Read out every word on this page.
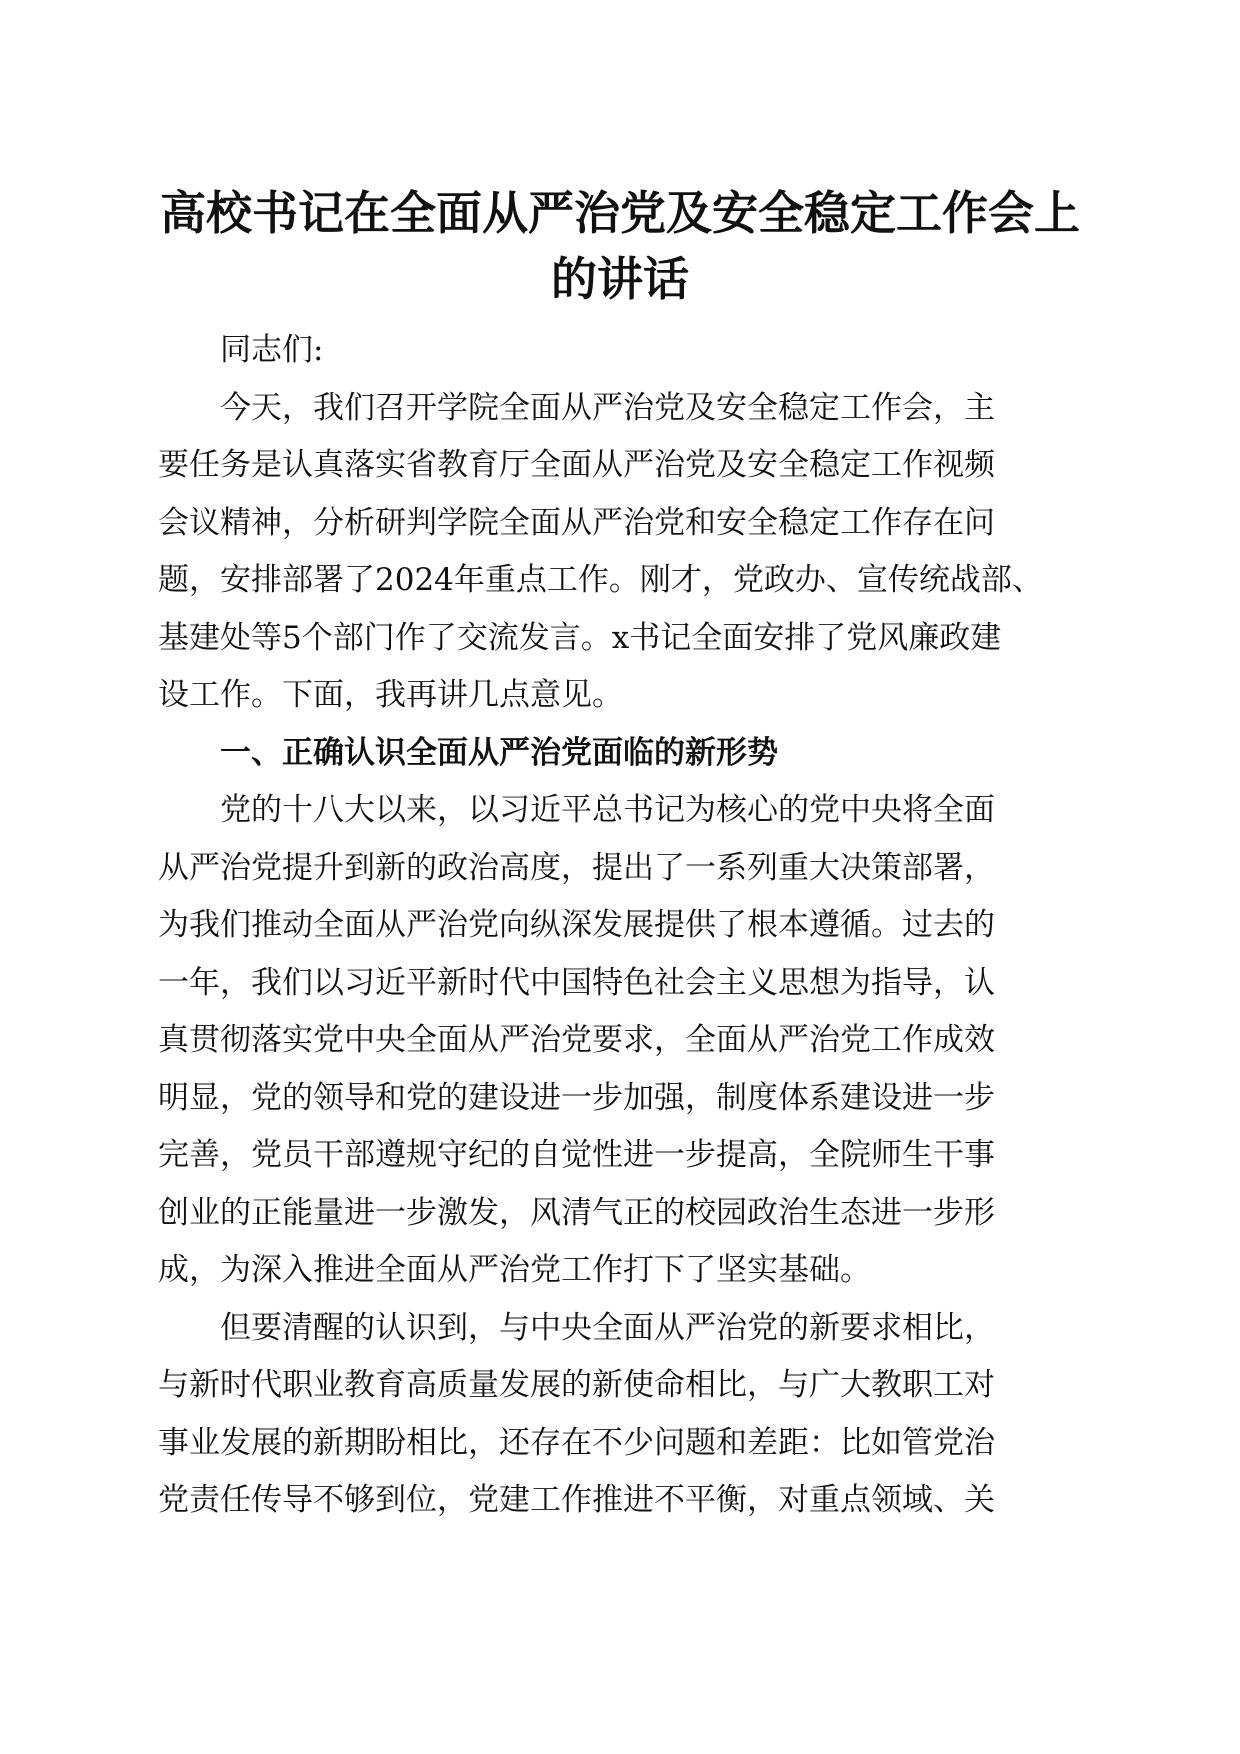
高校书记在全面从严治党及安全稳定工作会上
的讲话

同志们:

今天，我们召开学院全面从严治党及安全稳定工作会，主
要任务是认真落实省教育厅全面从严治党及安全稳定工作视频
会议精神，分析研判学院全面从严治党和安全稳定工作存在问
题，安排部署了2024年重点工作。刚才，党政办、宣传统战部、
基建处等5个部门作了交流发言。x书记全面安排了党风廉政建
设工作。下面，我再讲几点意见。

一、正确认识全面从严治党面临的新形势

党的十八大以来，以习近平总书记为核心的党中央将全面
从严治党提升到新的政治高度，提出了一系列重大决策部署，
为我们推动全面从严治党向纵深发展提供了根本遵循。过去的
一年，我们以习近平新时代中国特色社会主义思想为指导，认
真贯彻落实党中央全面从严治党要求，全面从严治党工作成效
明显，党的领导和党的建设进一步加强，制度体系建设进一步
完善，党员干部遵规守纪的自觉性进一步提高，全院师生干事
创业的正能量进一步激发，风清气正的校园政治生态进一步形
成，为深入推进全面从严治党工作打下了坚实基础。

但要清醒的认识到，与中央全面从严治党的新要求相比，
与新时代职业教育高质量发展的新使命相比，与广大教职工对
事业发展的新期盼相比，还存在不少问题和差距：比如管党治
党责任传导不够到位，党建工作推进不平衡，对重点领域、关
